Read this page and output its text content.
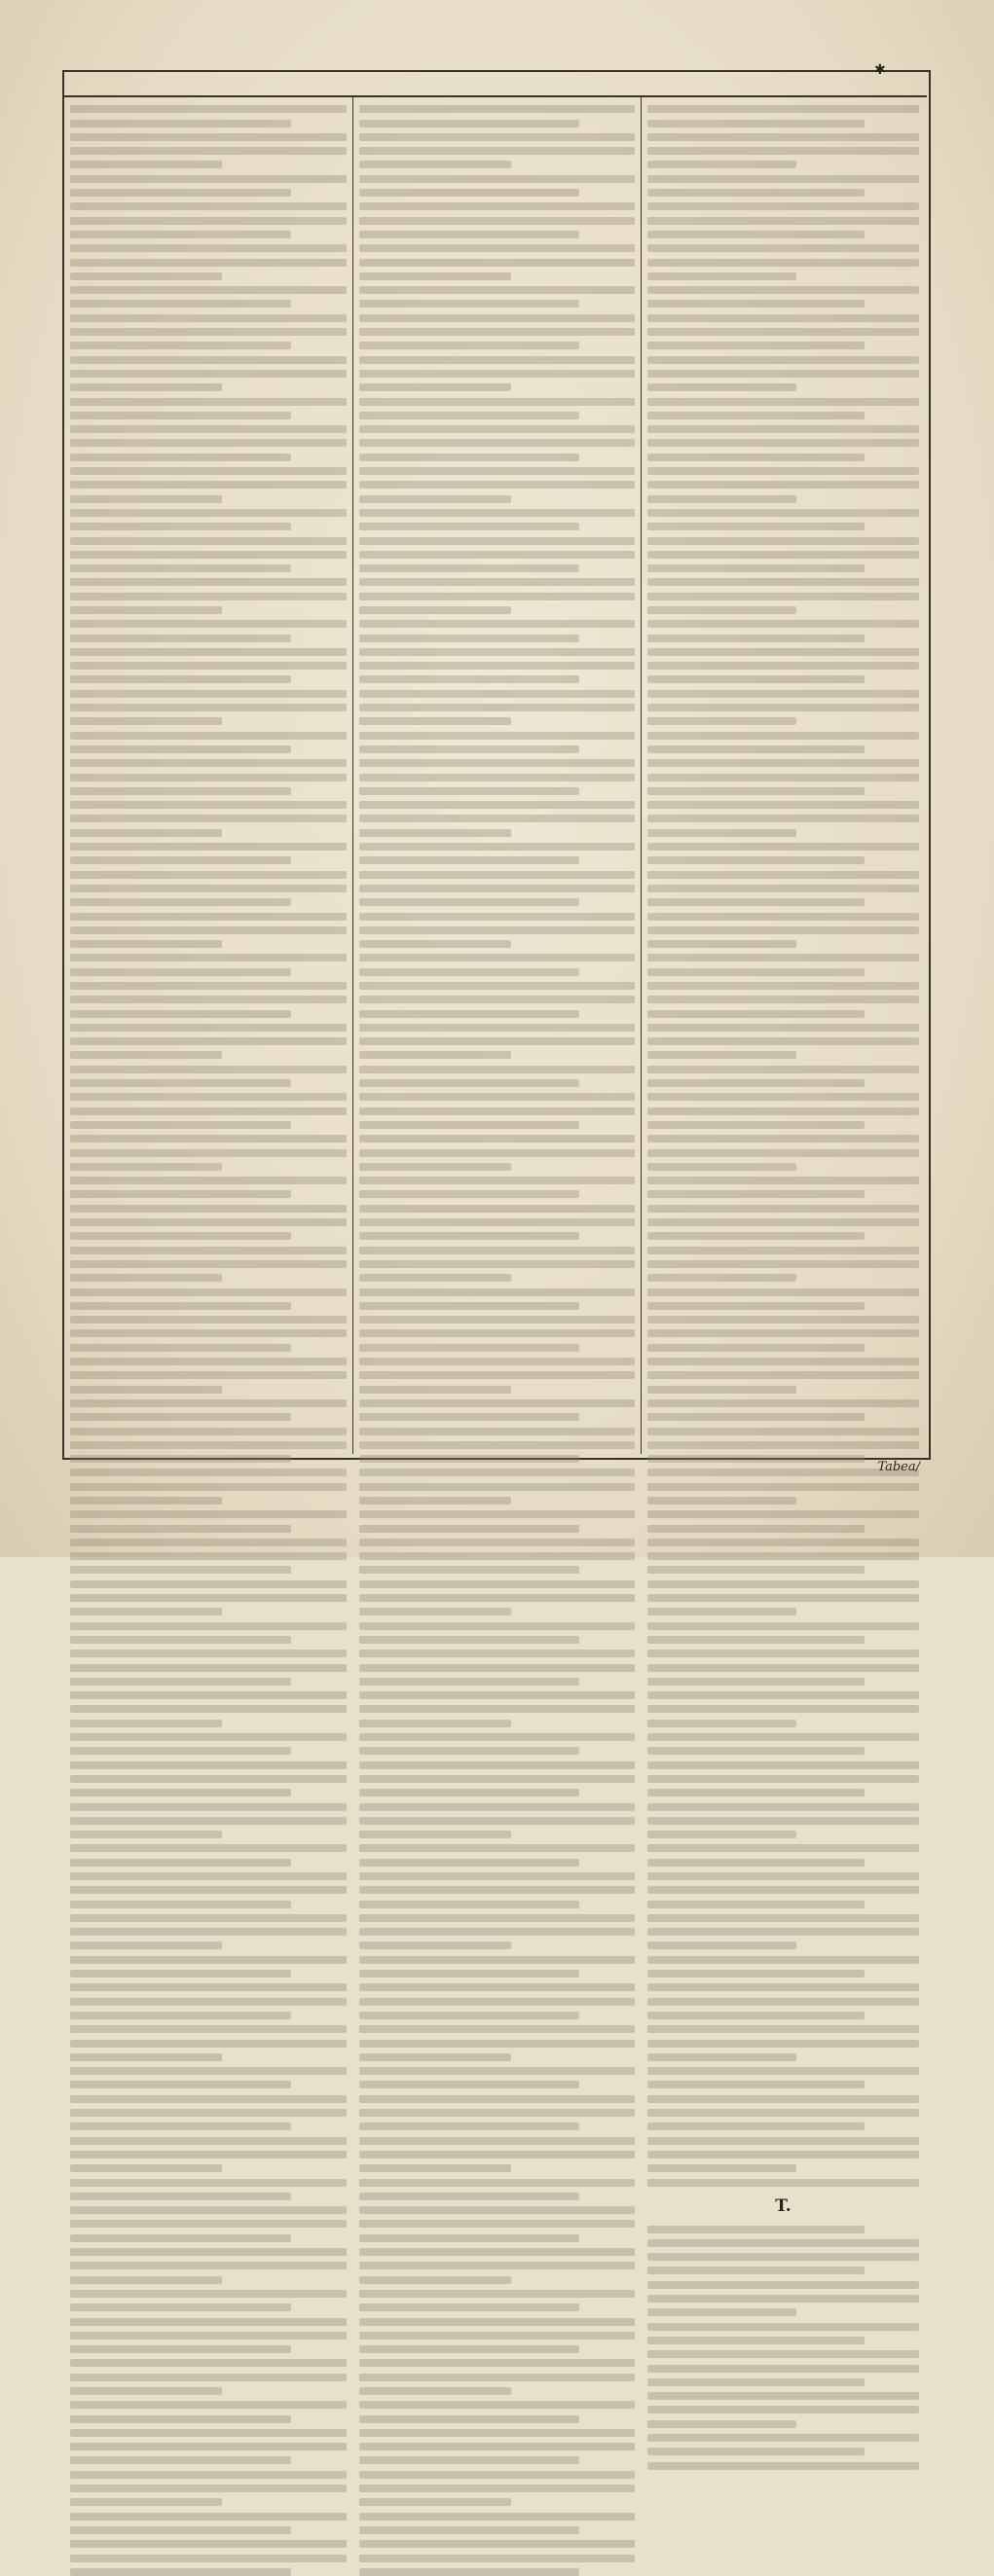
✱
T.
Tabea/
